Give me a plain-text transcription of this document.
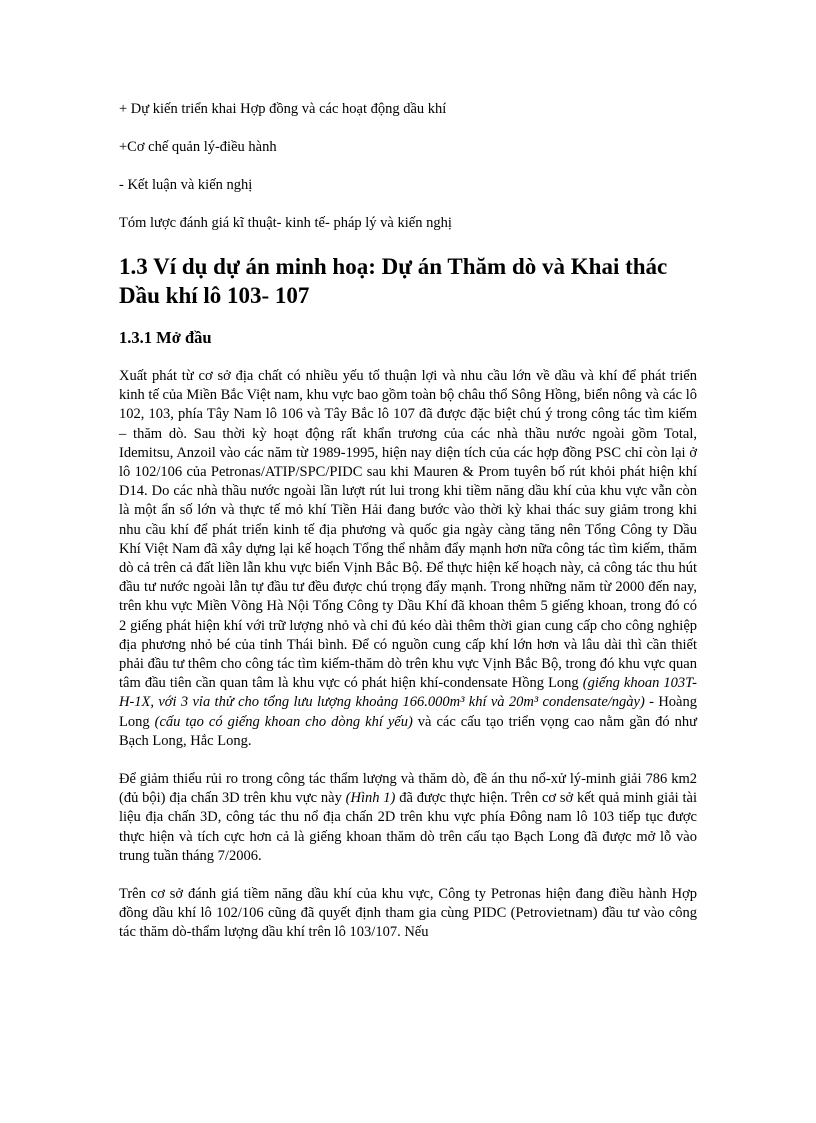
+ Dự kiến triển khai Hợp đồng và các hoạt động dầu khí

+Cơ chế quản lý-điều hành

- Kết luận và kiến nghị

Tóm lược đánh giá kĩ thuật- kinh tế- pháp lý và kiến nghị

1.3 Ví dụ dự án minh hoạ: Dự án Thăm dò và Khai thác Dầu khí lô 103- 107
1.3.1 Mở đầu

Xuất phát từ cơ sở địa chất có nhiều yếu tố thuận lợi và nhu cầu lớn về dầu và khí để phát triển kinh tế của Miền Bắc Việt nam, khu vực bao gồm toàn bộ châu thổ Sông Hồng, biển nông và các lô 102, 103, phía Tây Nam lô 106 và Tây Bắc lô 107 đã được đặc biệt chú ý trong công tác tìm kiếm – thăm dò. Sau thời kỳ hoạt động rất khẩn trương của các nhà thầu nước ngoài gồm Total, Idemitsu, Anzoil vào các năm từ 1989-1995, hiện nay diện tích của các hợp đồng PSC chỉ còn lại ở lô 102/106 của Petronas/ATIP/SPC/PIDC sau khi Mauren & Prom tuyên bố rút khỏi phát hiện khí D14. Do các nhà thầu nước ngoài lần lượt rút lui trong khi tiềm năng dầu khí của khu vực vẫn còn là một ẩn số lớn và thực tế mỏ khí Tiền Hải đang bước vào thời kỳ khai thác suy giảm trong khi nhu cầu khí để phát triển kinh tế địa phương và quốc gia ngày càng tăng nên Tổng Công ty Dầu Khí Việt Nam đã xây dựng lại kế hoạch Tổng thể nhằm đẩy mạnh hơn nữa công tác tìm kiếm, thăm dò cả trên cả đất liền lẫn khu vực biển Vịnh Bắc Bộ. Để thực hiện kế hoạch này, cả công tác thu hút đầu tư nước ngoài lẫn tự đầu tư đều được chú trọng đẩy mạnh. Trong những năm từ 2000 đến nay, trên khu vực Miền Võng Hà Nội Tổng Công ty Dầu Khí đã khoan thêm 5 giếng khoan, trong đó có 2 giếng phát hiện khí với trữ lượng nhỏ và chỉ đủ kéo dài thêm thời gian cung cấp cho công nghiệp địa phương nhỏ bé của tỉnh Thái bình. Để có nguồn cung cấp khí lớn hơn và lâu dài thì cần thiết phải đầu tư thêm cho công tác tìm kiếm-thăm dò trên khu vực Vịnh Bắc Bộ, trong đó khu vực quan tâm đầu tiên cần quan tâm là khu vực có phát hiện khí-condensate Hồng Long (giếng khoan 103T-H-1X, với 3 vỉa thử cho tổng lưu lượng khoảng 166.000m³ khí và 20m³ condensate/ngày) - Hoàng Long (cấu tạo có giếng khoan cho dòng khí yếu) và các cấu tạo triển vọng cao nằm gần đó như Bạch Long, Hắc Long.

Để giảm thiểu rủi ro trong công tác thẩm lượng và thăm dò, đề án thu nổ-xử lý-minh giải 786 km2 (đủ bội) địa chấn 3D trên khu vực này (Hình 1) đã được thực hiện. Trên cơ sở kết quả minh giải tài liệu địa chấn 3D, công tác thu nổ địa chấn 2D trên khu vực phía Đông nam lô 103 tiếp tục được thực hiện và tích cực hơn cả là giếng khoan thăm dò trên cấu tạo Bạch Long đã được mở lỗ vào trung tuần tháng 7/2006.

Trên cơ sở đánh giá tiềm năng dầu khí của khu vực, Công ty Petronas hiện đang điều hành Hợp đồng dầu khí lô 102/106 cũng đã quyết định tham gia cùng PIDC (Petrovietnam) đầu tư vào công tác thăm dò-thẩm lượng dầu khí trên lô 103/107. Nếu
